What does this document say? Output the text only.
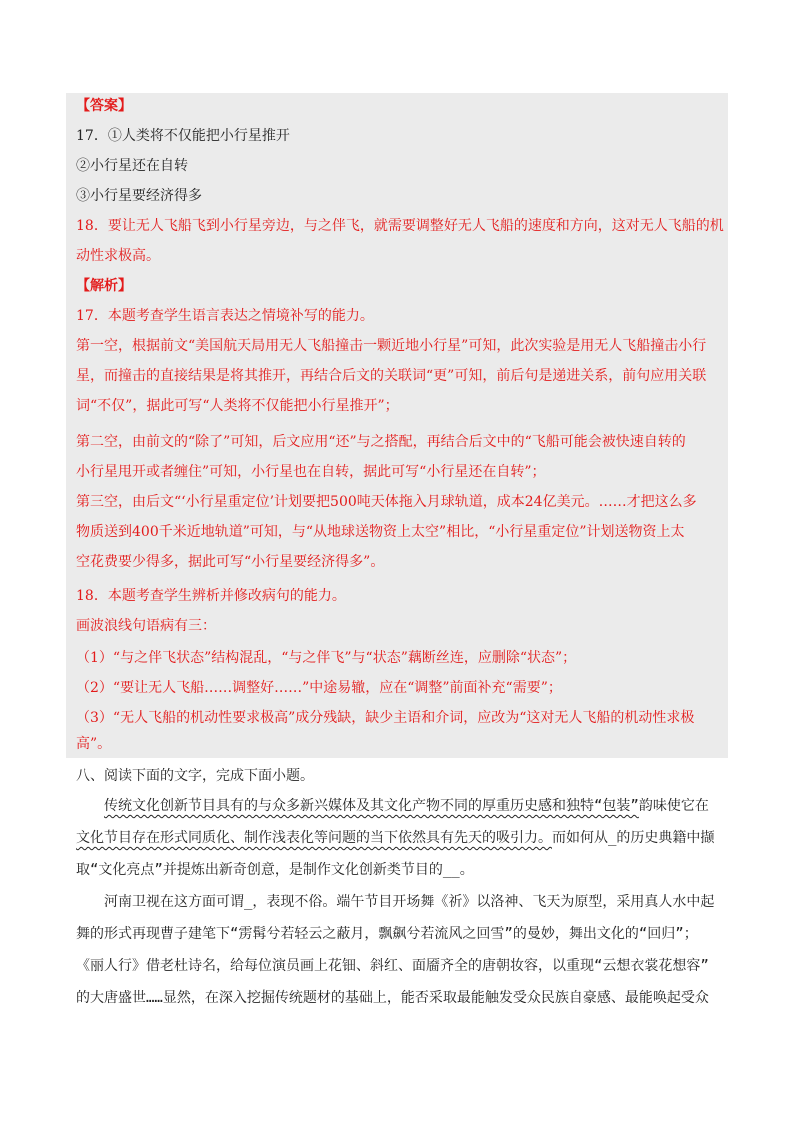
【答案】
17．①人类将不仅能把小行星推开
②小行星还在自转
③小行星要经济得多
18．要让无人飞船飞到小行星旁边，与之伴飞，就需要调整好无人飞船的速度和方向，这对无人飞船的机
动性求极高。
【解析】
17．本题考查学生语言表达之情境补写的能力。
第一空，根据前文“美国航天局用无人飞船撞击一颗近地小行星”可知，此次实验是用无人飞船撞击小行
星，而撞击的直接结果是将其推开，再结合后文的关联词“更”可知，前后句是递进关系，前句应用关联
词“不仅”，据此可写“人类将不仅能把小行星推开”；
第二空，由前文的“除了”可知，后文应用“还”与之搭配，再结合后文中的“飞船可能会被快速自转的
小行星甩开或者缠住”可知，小行星也在自转，据此可写“小行星还在自转”；
第三空，由后文“‘小行星重定位’计划要把500吨天体拖入月球轨道，成本24亿美元。……才把这么多
物质送到400千米近地轨道”可知，与“从地球送物资上太空”相比，“小行星重定位”计划送物资上太
空花费要少得多，据此可写“小行星要经济得多”。
18．本题考查学生辨析并修改病句的能力。
画波浪线句语病有三：
（1）“与之伴飞状态”结构混乱，“与之伴飞”与“状态”藕断丝连，应删除“状态”；
（2）“要让无人飞船……调整好……”中途易辙，应在“调整”前面补充“需要”；
（3）“无人飞船的机动性要求极高”成分残缺，缺少主语和介词，应改为“这对无人飞船的机动性求极
高”。
八、阅读下面的文字，完成下面小题。
传统文化创新节目具有的与众多新兴媒体及其文化产物不同的厚重历史感和独特“包装”韵味使它在
文化节目存在形式同质化、制作浅表化等问题的当下依然具有先天的吸引力。而如何从_的历史典籍中撷
取“文化亮点”并提炼出新奇创意，是制作文化创新类节目的__。
河南卫视在这方面可谓_，表现不俗。端午节目开场舞《祈》以洛神、飞天为原型，采用真人水中起
舞的形式再现曹子建笔下“雳髯兮若轻云之蔽月，飘飙兮若流风之回雪”的曼妙，舞出文化的“回归”；
《丽人行》借老杜诗名，给每位演员画上花钿、斜红、面靥齐全的唐朝妆容，以重现“云想衣裳花想容”
的大唐盛世……显然，在深入挖掘传统题材的基础上，能否采取最能触发受众民族自豪感、最能唤起受众
